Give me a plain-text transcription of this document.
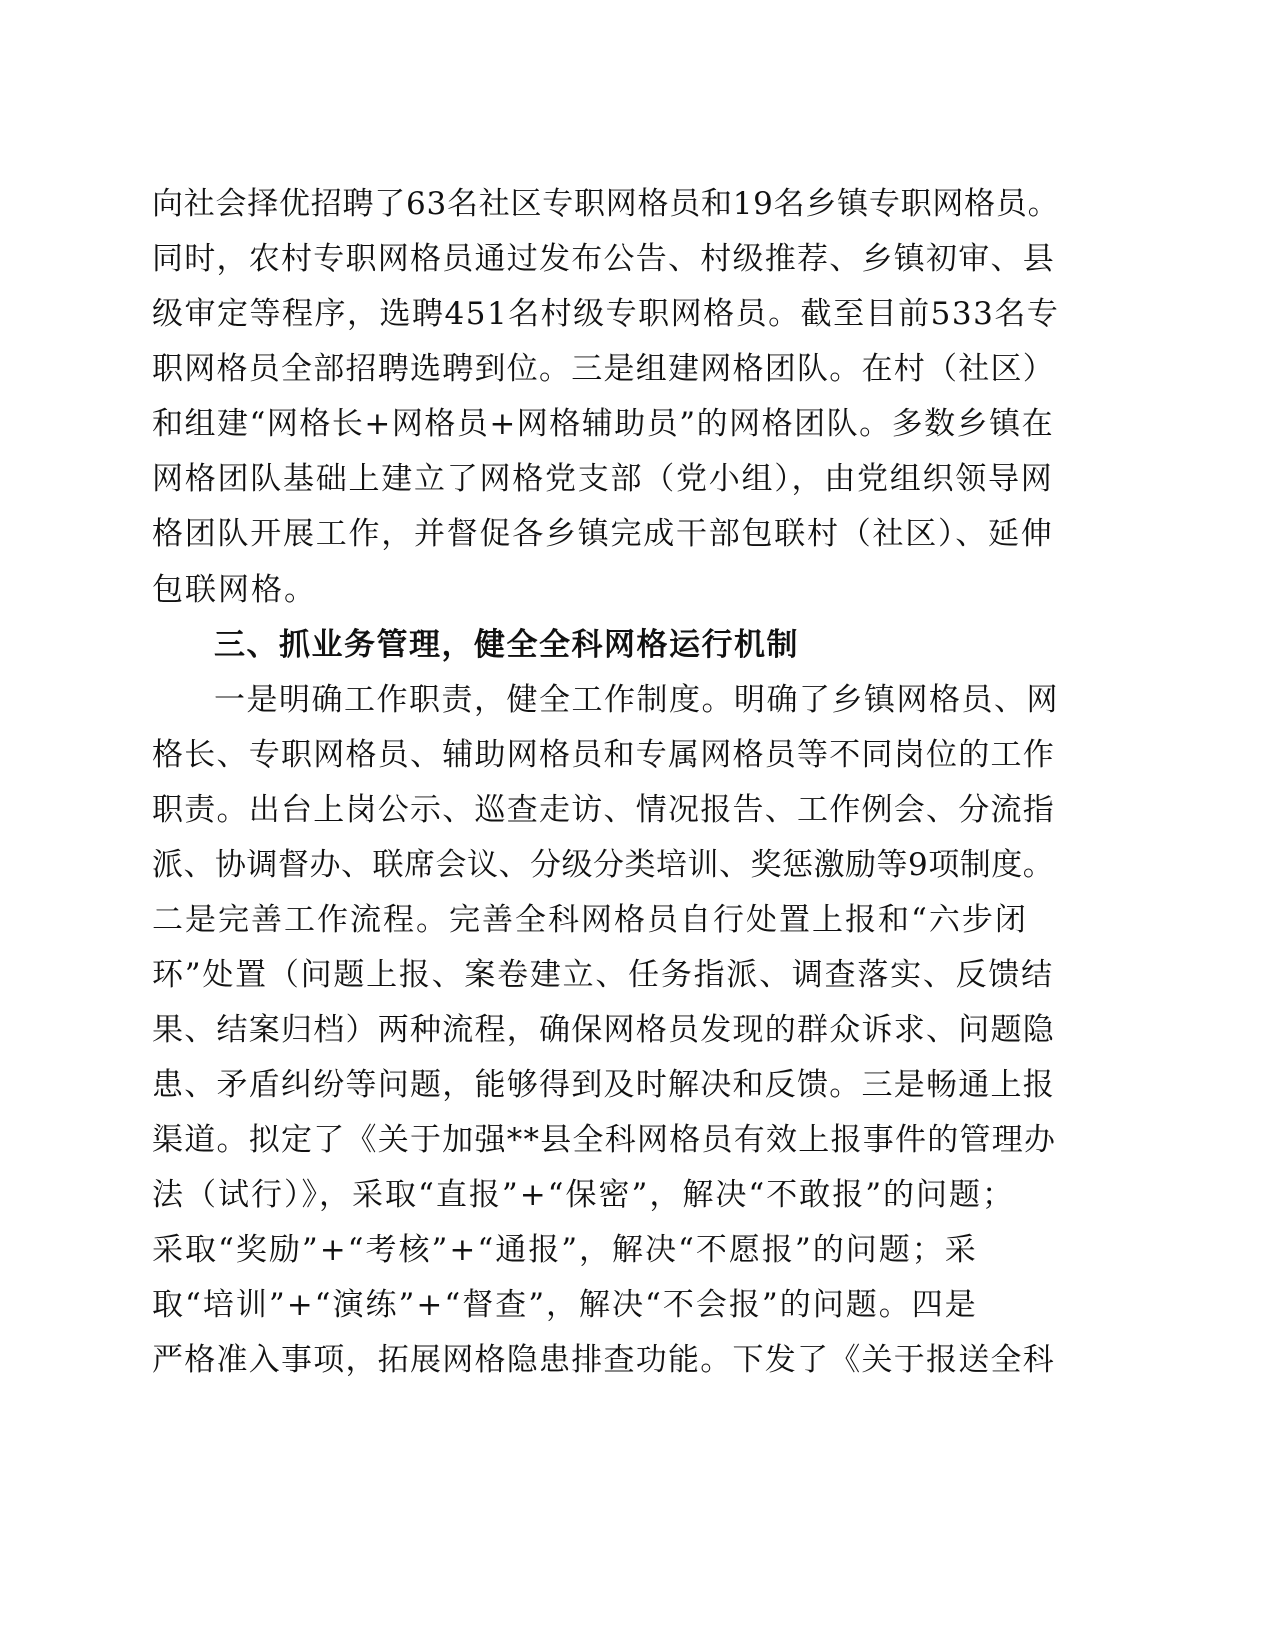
向社会择优招聘了63名社区专职网格员和19名乡镇专职网格员。
同时，农村专职网格员通过发布公告、村级推荐、乡镇初审、县
级审定等程序，选聘451名村级专职网格员。截至目前533名专
职网格员全部招聘选聘到位。三是组建网格团队。在村（社区）
和组建“网格长+网格员+网格辅助员”的网格团队。多数乡镇在
网格团队基础上建立了网格党支部（党小组），由党组织领导网
格团队开展工作，并督促各乡镇完成干部包联村（社区）、延伸
包联网格。
三、抓业务管理，健全全科网格运行机制
一是明确工作职责，健全工作制度。明确了乡镇网格员、网
格长、专职网格员、辅助网格员和专属网格员等不同岗位的工作
职责。出台上岗公示、巡查走访、情况报告、工作例会、分流指
派、协调督办、联席会议、分级分类培训、奖惩激励等9项制度。
二是完善工作流程。完善全科网格员自行处置上报和“六步闭
环”处置（问题上报、案卷建立、任务指派、调查落实、反馈结
果、结案归档）两种流程，确保网格员发现的群众诉求、问题隐
患、矛盾纠纷等问题，能够得到及时解决和反馈。三是畅通上报
渠道。拟定了《关于加强**县全科网格员有效上报事件的管理办
法（试行）》，采取“直报”+“保密”，解决“不敢报”的问题；
采取“奖励”+“考核”+“通报”，解决“不愿报”的问题；采
取“培训”+“演练”+“督查”，解决“不会报”的问题。四是
严格准入事项，拓展网格隐患排查功能。下发了《关于报送全科
